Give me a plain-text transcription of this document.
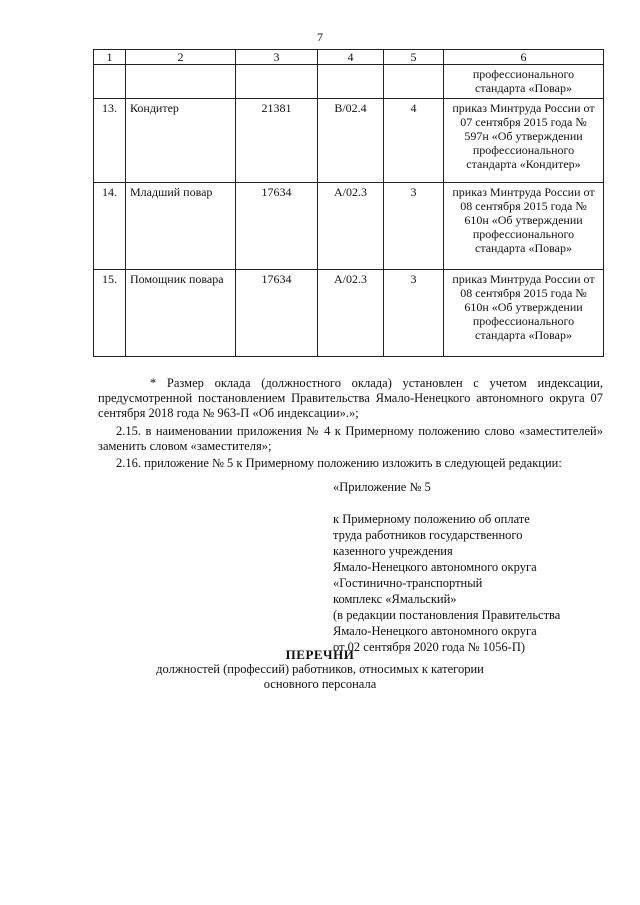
7
1	2	3	4	5	6
					профессионального стандарта «Повар»
13.	Кондитер	21381	В/02.4	4	приказ Минтруда России от 07 сентября 2015 года № 597н «Об утверждении профессионального стандарта «Кондитер»
14.	Младший повар	17634	А/02.3	3	приказ Минтруда России от 08 сентября 2015 года № 610н «Об утверждении профессионального стандарта «Повар»
15.	Помощник повара	17634	А/02.3	3	приказ Минтруда России от 08 сентября 2015 года № 610н «Об утверждении профессионального стандарта «Повар»
* Размер оклада (должностного оклада) установлен с учетом индексации, предусмотренной постановлением Правительства Ямало-Ненецкого автономного округа 07 сентября 2018 года № 963-П «Об индексации».»;
2.15. в наименовании приложения № 4 к Примерному положению слово «заместителей» заменить словом «заместителя»;
2.16. приложение № 5 к Примерному положению изложить в следующей редакции:
«Приложение № 5
к Примерному положению об оплате
труда работников государственного
казенного учреждения
Ямало-Ненецкого автономного округа
«Гостинично-транспортный
комплекс «Ямальский»
(в редакции постановления Правительства
Ямало-Ненецкого автономного округа
от 02 сентября 2020 года № 1056-П)
ПЕРЕЧНИ
должностей (профессий) работников, относимых к категории
основного персонала
